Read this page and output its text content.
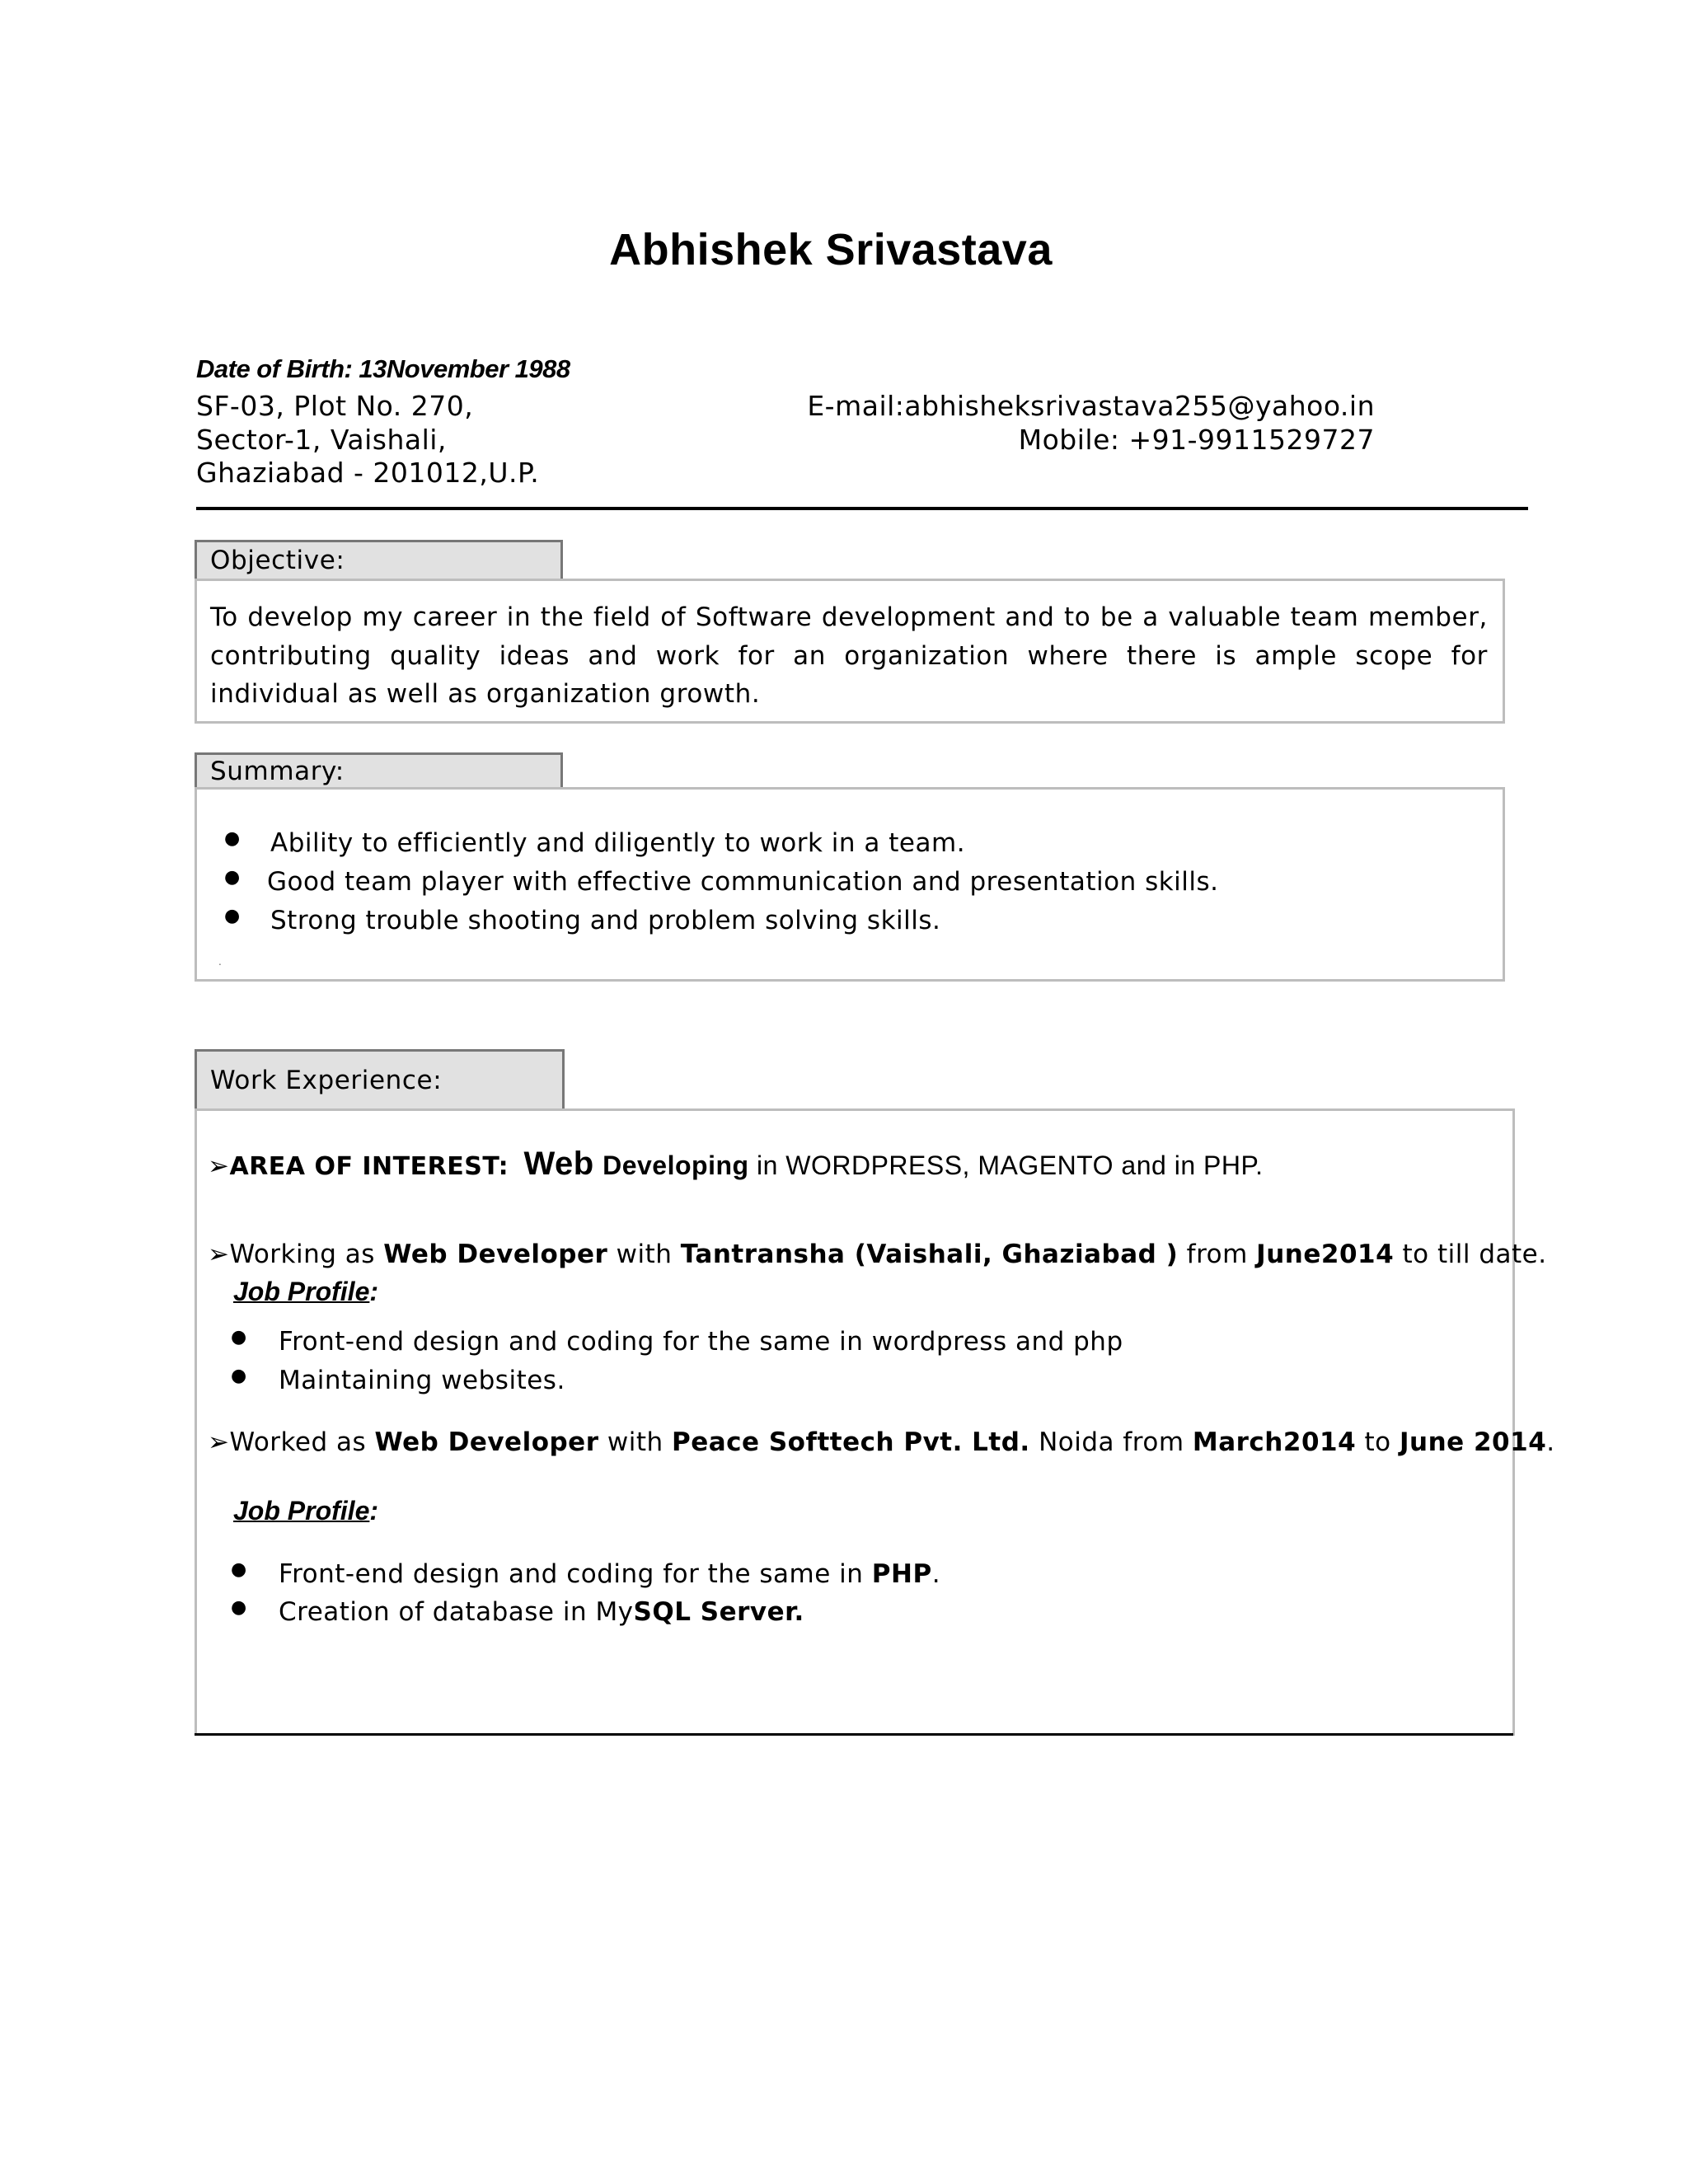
Abhishek Srivastava
Date of Birth: 13November 1988
SF-03, Plot No. 270,
Sector-1, Vaishali,
Ghaziabad - 201012,U.P.
E-mail:abhisheksrivastava255@yahoo.in
Mobile: +91-9911529727
Objective:
To develop my career in the field of Software development and to be a valuable team member, contributing quality ideas and work for an organization where there is ample scope for individual as well as organization growth.
Summary:
● Ability to efficiently and diligently to work in a team.
● Good team player with effective communication and presentation skills.
● Strong trouble shooting and problem solving skills.
.
Work Experience:
➢AREA OF INTEREST: Web Developing in WORDPRESS, MAGENTO and in PHP.
➢Working as Web Developer with Tantransha (Vaishali, Ghaziabad ) from June2014 to till date.
Job Profile:
● Front-end design and coding for the same in wordpress and php
● Maintaining websites.
➢Worked as Web Developer with Peace Softtech Pvt. Ltd. Noida from March2014 to June 2014.
Job Profile:
● Front-end design and coding for the same in PHP.
● Creation of database in MySQL Server.
